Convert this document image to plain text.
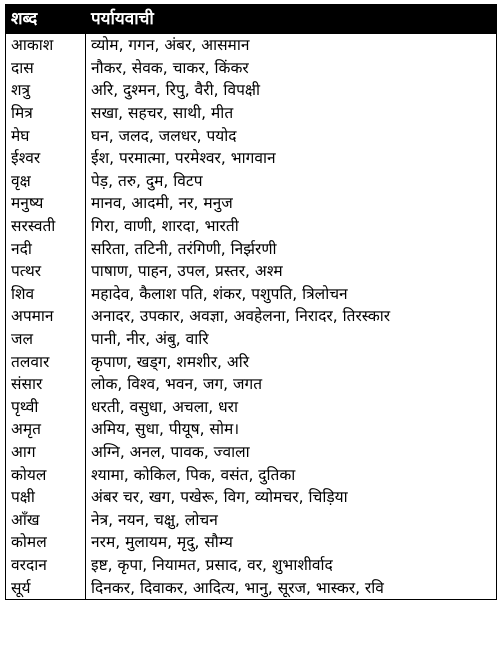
शब्द	पर्यायवाची
आकाश	व्योम, गगन, अंबर, आसमान
दास	नौकर, सेवक, चाकर, किंकर
शत्रु	अरि, दुश्मन, रिपु, वैरी, विपक्षी
मित्र	सखा, सहचर, साथी, मीत
मेघ	घन, जलद, जलधर, पयोद
ईश्वर	ईश, परमात्मा, परमेश्वर, भागवान
वृक्ष	पेड़, तरु, दुम, विटप
मनुष्य	मानव, आदमी, नर, मनुज
सरस्वती	गिरा, वाणी, शारदा, भारती
नदी	सरिता, तटिनी, तरंगिणी, निर्झरणी
पत्थर	पाषाण, पाहन, उपल, प्रस्तर, अश्म
शिव	महादेव, कैलाश पति, शंकर, पशुपति, त्रिलोचन
अपमान	अनादर, उपकार, अवज्ञा, अवहेलना, निरादर, तिरस्कार
जल	पानी, नीर, अंबु, वारि
तलवार	कृपाण, खड्ग, शमशीर, अरि
संसार	लोक, विश्व, भवन, जग, जगत
पृथ्वी	धरती, वसुधा, अचला, धरा
अमृत	अमिय, सुधा, पीयूष, सोम।
आग	अग्नि, अनल, पावक, ज्वाला
कोयल	श्यामा, कोकिल, पिक, वसंत, दुतिका
पक्षी	अंबर चर, खग, पखेरू, विग, व्योमचर, चिड़िया
आँख	नेत्र, नयन, चक्षु, लोचन
कोमल	नरम, मुलायम, मृदु, सौम्य
वरदान	इष्ट, कृपा, नियामत, प्रसाद, वर, शुभाशीर्वाद
सूर्य	दिनकर, दिवाकर, आदित्य, भानु, सूरज, भास्कर, रवि
